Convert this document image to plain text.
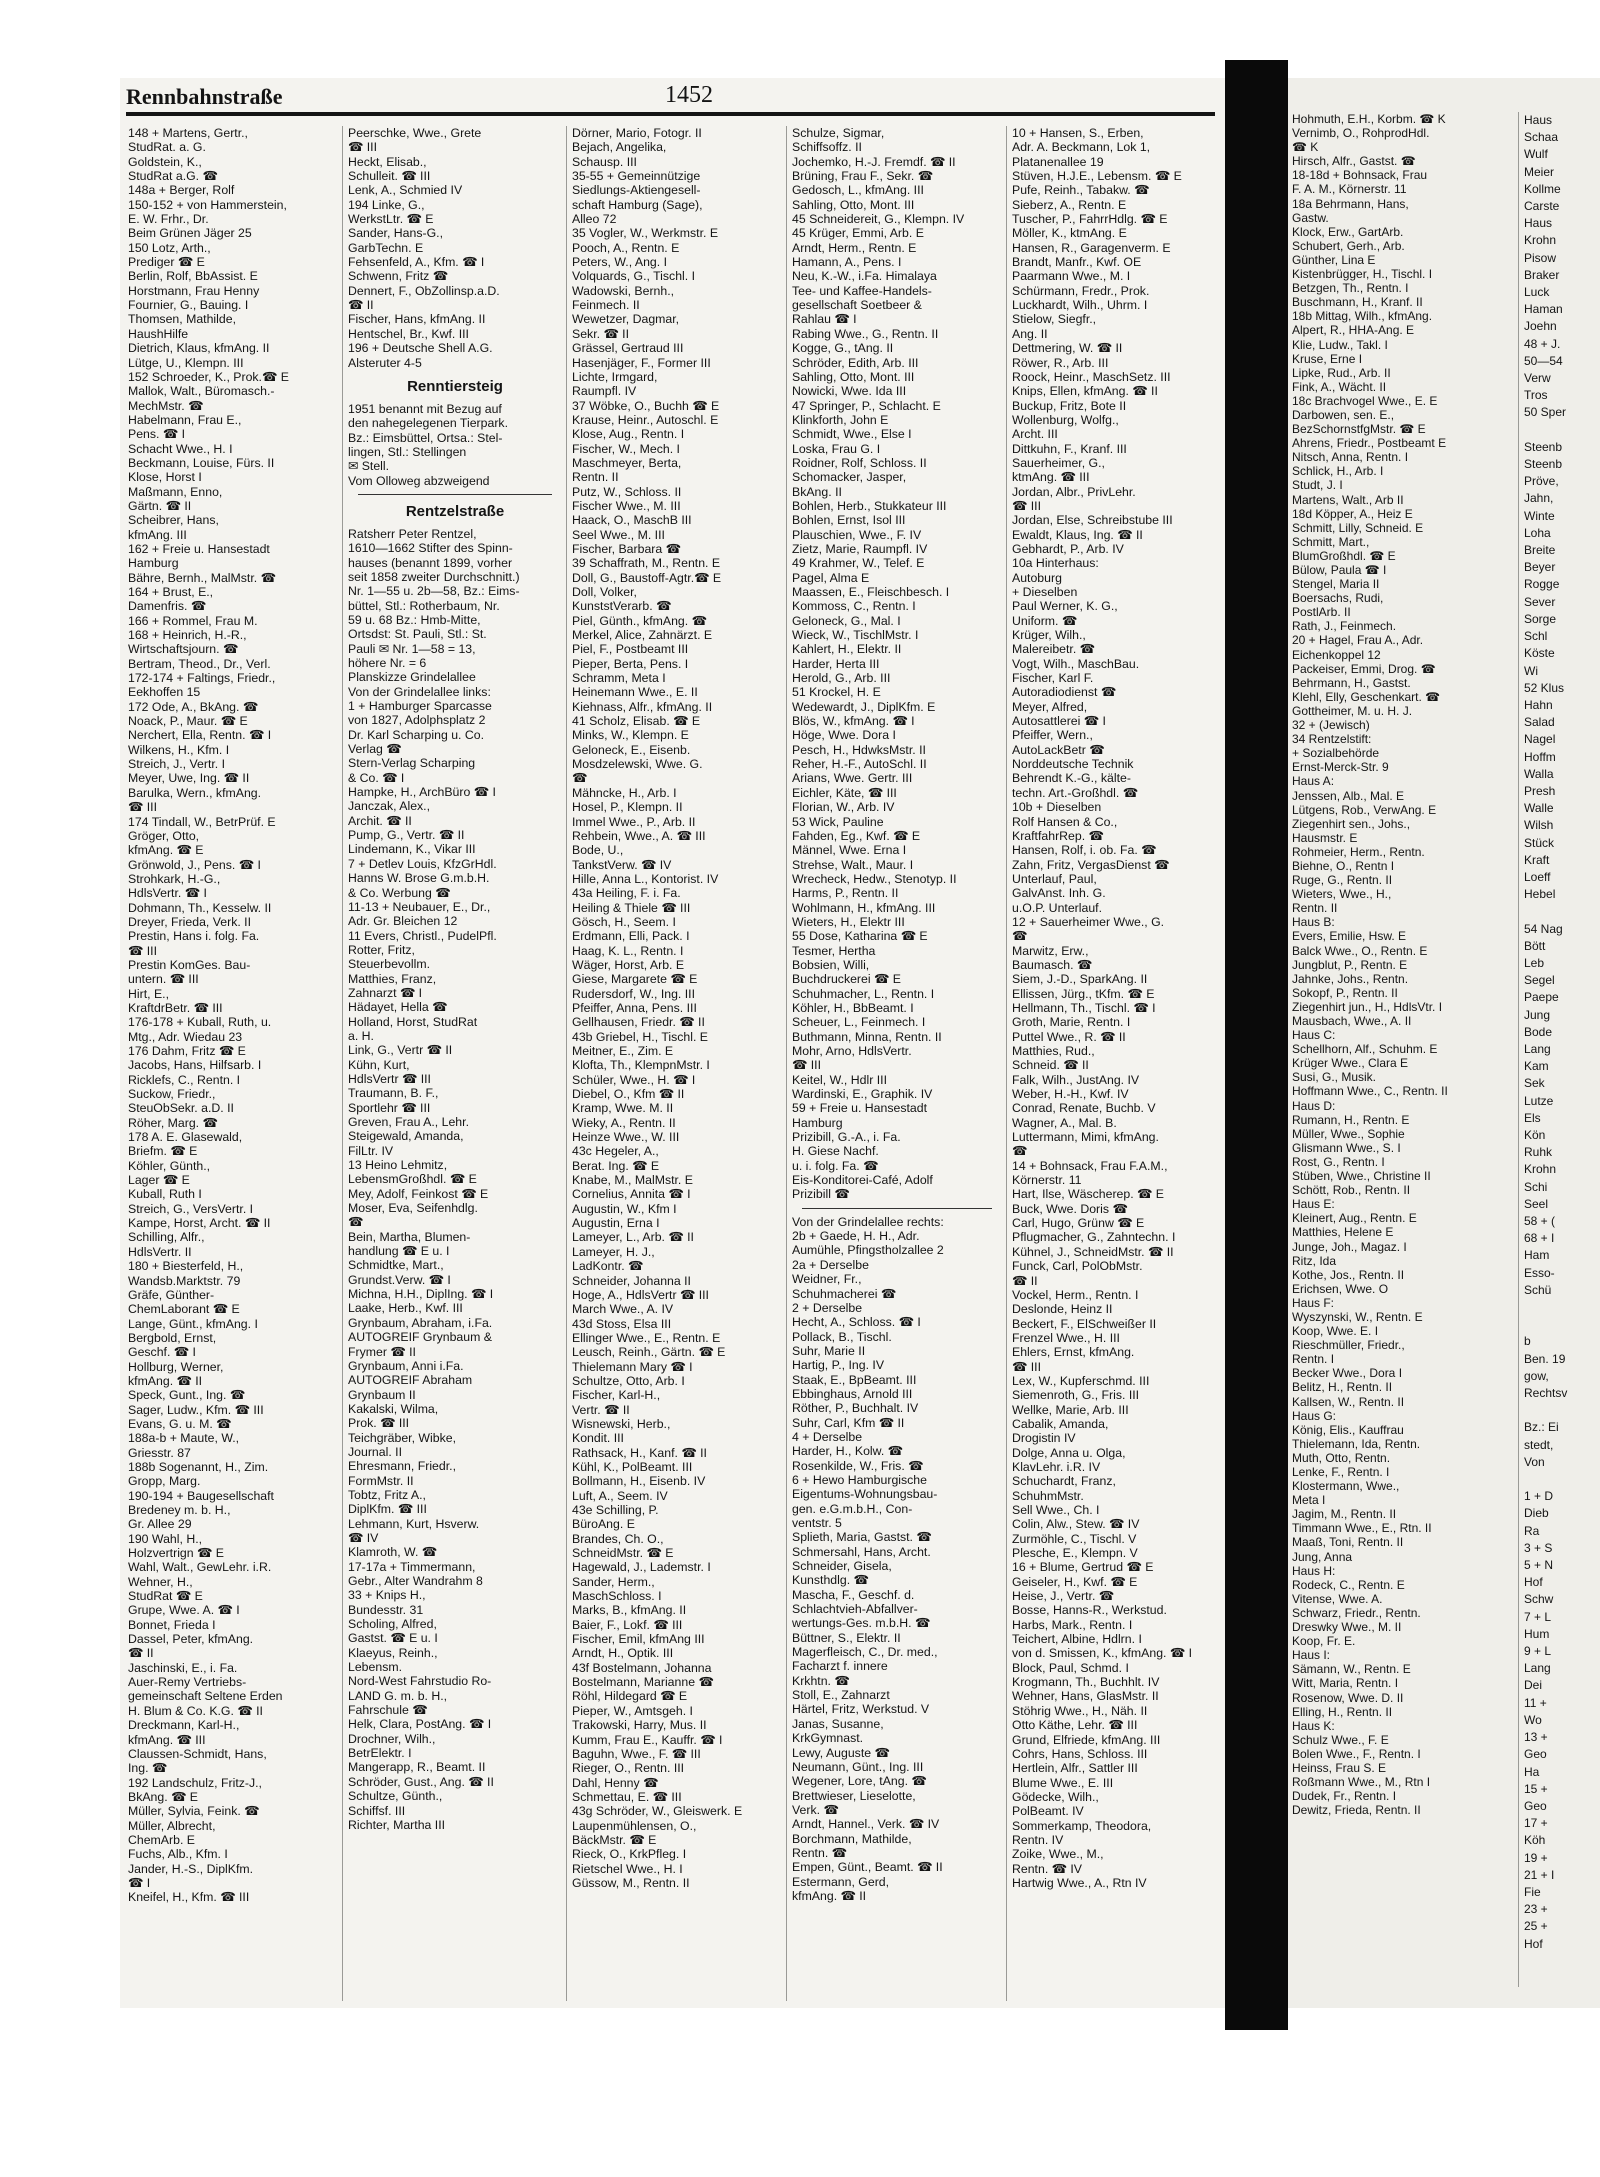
Rennbahnstraße	1452
148 + Martens, Gertr.,
StudRat. a. G.
Goldstein, K.,
StudRat a.G. ☎
148a + Berger, Rolf
150-152 + von Hammerstein,
E. W. Frhr., Dr.
Beim Grünen Jäger 25
150 Lotz, Arth.,
Prediger ☎ E
Berlin, Rolf, BbAssist. E
Horstmann, Frau Henny
Fournier, G., Bauing. I
Thomsen, Mathilde,
HaushHilfe
Dietrich, Klaus, kfmAng. II
Lütge, U., Klempn. III
152 Schroeder, K., Prok.☎ E
Mallok, Walt., Büromasch.-
MechMstr. ☎
Habelmann, Frau E.,
Pens. ☎ I
Schacht Wwe., H. I
Beckmann, Louise, Fürs. II
Klose, Horst I
Maßmann, Enno,
Gärtn. ☎ II
Scheibrer, Hans,
kfmAng. III
162 + Freie u. Hansestadt
Hamburg
Bähre, Bernh., MalMstr. ☎
164 + Brust, E.,
Damenfris. ☎
166 + Rommel, Frau M.
168 + Heinrich, H.-R.,
Wirtschaftsjourn. ☎
Bertram, Theod., Dr., Verl.
172-174 + Faltings, Friedr.,
Eekhoffen 15
172 Ode, A., BkAng. ☎
Noack, P., Maur. ☎ E
Nerchert, Ella, Rentn. ☎ I
Wilkens, H., Kfm. I
Streich, J., Vertr. I
Meyer, Uwe, Ing. ☎ II
Barulka, Wern., kfmAng.
☎ III
174 Tindall, W., BetrPrüf. E
Gröger, Otto,
kfmAng. ☎ E
Grönwold, J., Pens. ☎ I
Strohkark, H.-G.,
HdlsVertr. ☎ I
Dohmann, Th., Kesselw. II
Dreyer, Frieda, Verk. II
Prestin, Hans i. folg. Fa.
☎ III
Prestin KomGes. Bau-
untern. ☎ III
Hirt, E.,
KraftdrBetr. ☎ III
176-178 + Kuball, Ruth, u.
Mtg., Adr. Wiedau 23
176 Dahm, Fritz ☎ E
Jacobs, Hans, Hilfsarb. I
Ricklefs, C., Rentn. I
Suckow, Friedr.,
SteuObSekr. a.D. II
Röher, Marg. ☎
178 A. E. Glasewald,
Briefm. ☎ E
Köhler, Günth.,
Lager ☎ E
Kuball, Ruth I
Streich, G., VersVertr. I
Kampe, Horst, Archt. ☎ II
Schilling, Alfr.,
HdlsVertr. II
180 + Biesterfeld, H.,
Wandsb.Marktstr. 79
Gräfe, Günther-
ChemLaborant ☎ E
Lange, Günt., kfmAng. I
Bergbold, Ernst,
Geschf. ☎ I
Hollburg, Werner,
kfmAng. ☎ II
Speck, Gunt., Ing. ☎
Sager, Ludw., Kfm. ☎ III
Evans, G. u. M. ☎
188a-b + Maute, W.,
Griesstr. 87
188b Sogenannt, H., Zim.
Gropp, Marg.
190-194 + Baugesellschaft
Bredeney m. b. H.,
Gr. Allee 29
190 Wahl, H.,
Holzvertrign ☎ E
Wahl, Walt., GewLehr. i.R.
Wehner, H.,
StudRat ☎ E
Grupe, Wwe. A. ☎ I
Bonnet, Frieda I
Dassel, Peter, kfmAng.
☎ II
Jaschinski, E., i. Fa.
Auer-Remy Vertriebs-
gemeinschaft Seltene Erden
H. Blum & Co. K.G. ☎ II
Dreckmann, Karl-H.,
kfmAng. ☎ III
Claussen-Schmidt, Hans,
Ing. ☎
192 Landschulz, Fritz-J.,
BkAng. ☎ E
Müller, Sylvia, Feink. ☎
Müller, Albrecht,
ChemArb. E
Fuchs, Alb., Kfm. I
Jander, H.-S., DiplKfm.
☎ I
Kneifel, H., Kfm. ☎ III
Peerschke, Wwe., Grete
☎ III
Heckt, Elisab.,
Schulleit. ☎ III
Lenk, A., Schmied IV
194 Linke, G.,
WerkstLtr. ☎ E
Sander, Hans-G.,
GarbTechn. E
Fehsenfeld, A., Kfm. ☎ I
Schwenn, Fritz ☎
Dennert, F., ObZollinsp.a.D.
☎ II
Fischer, Hans, kfmAng. II
Hentschel, Br., Kwf. III
196 + Deutsche Shell A.G.
Alsteruter 4-5
Renntiersteig
1951 benannt mit Bezug auf
den nahegelegenen Tierpark.
Bz.: Eimsbüttel, Ortsa.: Stel-
lingen, Stl.: Stellingen
✉ Stell.
Vom Olloweg abzweigend
Rentzelstraße
Ratsherr Peter Rentzel,
1610—1662 Stifter des Spinn-
hauses (benannt 1899, vorher
seit 1858 zweiter Durchschnitt.)
Nr. 1—55 u. 2b—58, Bz.: Eims-
büttel, Stl.: Rotherbaum, Nr.
59 u. 68 Bz.: Hmb-Mitte,
Ortsdst: St. Pauli, Stl.: St.
Pauli ✉ Nr. 1—58 = 13,
höhere Nr. = 6
Planskizze Grindelallee
Von der Grindelallee links:
1 + Hamburger Sparcasse
von 1827, Adolphsplatz 2
Dr. Karl Scharping u. Co.
Verlag ☎
Stern-Verlag Scharping
& Co. ☎ I
Hampke, H., ArchBüro ☎ I
Janczak, Alex.,
Archit. ☎ II
Pump, G., Vertr. ☎ II
Lindemann, K., Vikar III
7 + Detlev Louis, KfzGrHdl.
Hanns W. Brose G.m.b.H.
& Co. Werbung ☎
11-13 + Neubauer, E., Dr.,
Adr. Gr. Bleichen 12
11 Evers, Christl., PudelPfl.
Rotter, Fritz,
Steuerbevollm.
Matthies, Franz,
Zahnarzt ☎ I
Hädayet, Hella ☎
Holland, Horst, StudRat
a. H.
Link, G., Vertr ☎ II
Kühn, Kurt,
HdlsVertr ☎ III
Traumann, B. F.,
Sportlehr ☎ III
Greven, Frau A., Lehr.
Steigewald, Amanda,
FilLtr. IV
13 Heino Lehmitz,
LebensmGroßhdl. ☎ E
Mey, Adolf, Feinkost ☎ E
Moser, Eva, Seifenhdlg.
☎
Bein, Martha, Blumen-
handlung ☎ E u. I
Schmidtke, Mart.,
Grundst.Verw. ☎ I
Michna, H.H., DiplIng. ☎ I
Laake, Herb., Kwf. III
Grynbaum, Abraham, i.Fa.
AUTOGREIF Grynbaum &
Frymer ☎ II
Grynbaum, Anni i.Fa.
AUTOGREIF Abraham
Grynbaum II
Kakalski, Wilma,
Prok. ☎ III
Teichgräber, Wibke,
Journal. II
Ehresmann, Friedr.,
FormMstr. II
Tobtz, Fritz A.,
DiplKfm. ☎ III
Lehmann, Kurt, Hsverw.
☎ IV
Klamroth, W. ☎
17-17a + Timmermann,
Gebr., Alter Wandrahm 8
33 + Knips H.,
Bundesstr. 31
Scholing, Alfred,
Gastst. ☎ E u. I
Klaeyus, Reinh.,
Lebensm.
Nord-West Fahrstudio Ro-
LAND G. m. b. H.,
Fahrschule ☎
Helk, Clara, PostAng. ☎ I
Drochner, Wilh.,
BetrElektr. I
Mangerapp, R., Beamt. II
Schröder, Gust., Ang. ☎ II
Schultze, Günth.,
Schiffsf. III
Richter, Martha III
Dörner, Mario, Fotogr. II
Bejach, Angelika,
Schausp. III
35-55 + Gemeinnützige
Siedlungs-Aktiengesell-
schaft Hamburg (Sage),
Alleo 72
35 Vogler, W., Werkmstr. E
Pooch, A., Rentn. E
Peters, W., Ang. I
Volquards, G., Tischl. I
Wadowski, Bernh.,
Feinmech. II
Wewetzer, Dagmar,
Sekr. ☎ II
Grässel, Gertraud III
Hasenjäger, F., Former III
Lichte, Irmgard,
Raumpfl. IV
37 Wöbke, O., Buchh ☎ E
Krause, Heinr., Autoschl. E
Klose, Aug., Rentn. I
Fischer, W., Mech. I
Maschmeyer, Berta,
Rentn. II
Putz, W., Schloss. II
Fischer Wwe., M. III
Haack, O., MaschB III
Seel Wwe., M. III
Fischer, Barbara ☎
39 Schaffrath, M., Rentn. E
Doll, G., Baustoff-Agtr.☎ E
Doll, Volker,
KunststVerarb. ☎
Piel, Günth., kfmAng. ☎
Merkel, Alice, Zahnärzt. E
Piel, F., Postbeamt III
Pieper, Berta, Pens. I
Schramm, Meta I
Heinemann Wwe., E. II
Kiehnass, Alfr., kfmAng. II
41 Scholz, Elisab. ☎ E
Minks, W., Klempn. E
Geloneck, E., Eisenb.
Mosdzelewski, Wwe. G.
☎
Mähncke, H., Arb. I
Hosel, P., Klempn. II
Immel Wwe., P., Arb. II
Rehbein, Wwe., A. ☎ III
Bode, U.,
TankstVerw. ☎ IV
Hille, Anna L., Kontorist. IV
43a Heiling, F. i. Fa.
Heiling & Thiele ☎ III
Gösch, H., Seem. I
Erdmann, Elli, Pack. I
Haag, K. L., Rentn. I
Wäger, Horst, Arb. E
Giese, Margarete ☎ E
Rudersdorf, W., Ing. III
Pfeiffer, Anna, Pens. III
Gellhausen, Friedr. ☎ II
43b Griebel, H., Tischl. E
Meitner, E., Zim. E
Klofta, Th., KlempnMstr. I
Schüler, Wwe., H. ☎ I
Diebel, O., Kfm ☎ II
Kramp, Wwe. M. II
Wieky, A., Rentn. II
Heinze Wwe., W. III
43c Hegeler, A.,
Berat. Ing. ☎ E
Knabe, M., MalMstr. E
Cornelius, Annita ☎ I
Augustin, W., Kfm I
Augustin, Erna I
Lameyer, L., Arb. ☎ II
Lameyer, H. J.,
LadKontr. ☎
Schneider, Johanna II
Hoge, A., HdlsVertr ☎ III
March Wwe., A. IV
43d Stoss, Elsa III
Ellinger Wwe., E., Rentn. E
Leusch, Reinh., Gärtn. ☎ E
Thielemann Mary ☎ I
Schultze, Otto, Arb. I
Fischer, Karl-H.,
Vertr. ☎ II
Wisnewski, Herb.,
Kondit. III
Rathsack, H., Kanf. ☎ II
Kühl, K., PolBeamt. III
Bollmann, H., Eisenb. IV
Luft, A., Seem. IV
43e Schilling, P.
BüroAng. E
Brandes, Ch. O.,
SchneidMstr. ☎ E
Hagewald, J., Lademstr. I
Sander, Herm.,
MaschSchloss. I
Marks, B., kfmAng. II
Baier, F., Lokf. ☎ III
Fischer, Emil, kfmAng III
Arndt, H., Optik. III
43f Bostelmann, Johanna
Bostelmann, Marianne ☎
Röhl, Hildegard ☎ E
Pieper, W., Amtsgeh. I
Trakowski, Harry, Mus. II
Kumm, Frau E., Kauffr. ☎ I
Baguhn, Wwe., F. ☎ III
Rieger, O., Rentn. III
Dahl, Henny ☎
Schmettau, E. ☎ III
43g Schröder, W., Gleiswerk. E
Laupenmühlensen, O.,
BäckMstr. ☎ E
Rieck, O., KrkPfleg. I
Rietschel Wwe., H. I
Güssow, M., Rentn. II
Schulze, Sigmar,
Schiffsoffz. II
Jochemko, H.-J. Fremdf. ☎ II
Brüning, Frau F., Sekr. ☎
Gedosch, L., kfmAng. III
Sahling, Otto, Mont. III
45 Schneidereit, G., Klempn. IV
45 Krüger, Emmi, Arb. E
Arndt, Herm., Rentn. E
Hamann, A., Pens. I
Neu, K.-W., i.Fa. Himalaya
Tee- und Kaffee-Handels-
gesellschaft Soetbeer &
Rahlau ☎ I
Rabing Wwe., G., Rentn. II
Kogge, G., tAng. II
Schröder, Edith, Arb. III
Sahling, Otto, Mont. III
Nowicki, Wwe. Ida III
47 Springer, P., Schlacht. E
Klinkforth, John E
Schmidt, Wwe., Else I
Loska, Frau G. I
Roidner, Rolf, Schloss. II
Schomacker, Jasper,
BkAng. II
Bohlen, Herb., Stukkateur III
Bohlen, Ernst, Isol III
Plauschien, Wwe., F. IV
Zietz, Marie, Raumpfl. IV
49 Krahmer, W., Telef. E
Pagel, Alma E
Maassen, E., Fleischbesch. I
Kommoss, C., Rentn. I
Geloneck, G., Mal. I
Wieck, W., TischlMstr. I
Kahlert, H., Elektr. II
Harder, Herta III
Herold, G., Arb. III
51 Krockel, H. E
Wedewardt, J., DiplKfm. E
Blös, W., kfmAng. ☎ I
Höge, Wwe. Dora I
Pesch, H., HdwksMstr. II
Reher, H.-F., AutoSchl. II
Arians, Wwe. Gertr. III
Eichler, Käte, ☎ III
Florian, W., Arb. IV
53 Wick, Pauline
Fahden, Eg., Kwf. ☎ E
Männel, Wwe. Erna I
Strehse, Walt., Maur. I
Wrecheck, Hedw., Stenotyp. II
Harms, P., Rentn. II
Wohlmann, H., kfmAng. III
Wieters, H., Elektr III
55 Dose, Katharina ☎ E
Tesmer, Hertha
Bobsien, Willi,
Buchdruckerei ☎ E
Schuhmacher, L., Rentn. I
Köhler, H., BbBeamt. I
Scheuer, L., Feinmech. I
Buthmann, Minna, Rentn. II
Mohr, Arno, HdlsVertr.
☎ III
Keitel, W., Hdlr III
Wardinski, E., Graphik. IV
59 + Freie u. Hansestadt
Hamburg
Prizibill, G.-A., i. Fa.
H. Giese Nachf.
u. i. folg. Fa. ☎
Eis-Konditorei-Café, Adolf
Prizibill ☎
Von der Grindelallee rechts:
2b + Gaede, H. H., Adr.
Aumühle, Pfingstholzallee 2
2a + Derselbe
Weidner, Fr.,
Schuhmacherei ☎
2 + Derselbe
Hecht, A., Schloss. ☎ I
Pollack, B., Tischl.
Suhr, Marie II
Hartig, P., Ing. IV
Staak, E., BpBeamt. III
Ebbinghaus, Arnold III
Röther, P., Buchhalt. IV
Suhr, Carl, Kfm ☎ II
4 + Derselbe
Harder, H., Kolw. ☎
Rosenkilde, W., Fris. ☎
6 + Hewo Hamburgische
Eigentums-Wohnungsbau-
gen. e.G.m.b.H., Con-
ventstr. 5
Splieth, Maria, Gastst. ☎
Schmersahl, Hans, Archt.
Schneider, Gisela,
Kunsthdlg. ☎
Mascha, F., Geschf. d.
Schlachtvieh-Abfallver-
wertungs-Ges. m.b.H. ☎
Büttner, S., Elektr. II
Magerfleisch, C., Dr. med.,
Facharzt f. innere
Krkhtn. ☎
Stoll, E., Zahnarzt
Härtel, Fritz, Werkstud. V
Janas, Susanne,
KrkGymnast.
Lewy, Auguste ☎
Neumann, Günt., Ing. III
Wegener, Lore, tAng. ☎
Brettwieser, Lieselotte,
Verk. ☎
Arndt, Hannel., Verk. ☎ IV
Borchmann, Mathilde,
Rentn. ☎
Empen, Günt., Beamt. ☎ II
Estermann, Gerd,
kfmAng. ☎ II
10 + Hansen, S., Erben,
Adr. A. Beckmann, Lok 1,
Platanenallee 19
Stüven, H.J.E., Lebensm. ☎ E
Pufe, Reinh., Tabakw. ☎
Sieberz, A., Rentn. E
Tuscher, P., FahrrHdlg. ☎ E
Möller, K., ktmAng. E
Hansen, R., Garagenverm. E
Brandt, Manfr., Kwf. OE
Paarmann Wwe., M. I
Schürmann, Fredr., Prok.
Luckhardt, Wilh., Uhrm. I
Stielow, Siegfr.,
Ang. II
Dettmering, W. ☎ II
Röwer, R., Arb. III
Roock, Heinr., MaschSetz. III
Knips, Ellen, kfmAng. ☎ II
Buckup, Fritz, Bote II
Wollenburg, Wolfg.,
Archt. III
Dittkuhn, F., Kranf. III
Sauerheimer, G.,
ktmAng. ☎ III
Jordan, Albr., PrivLehr.
☎ III
Jordan, Else, Schreibstube III
Ewaldt, Klaus, Ing. ☎ II
Gebhardt, P., Arb. IV
10a Hinterhaus:
Autoburg
+ Dieselben
Paul Werner, K. G.,
Uniform. ☎
Krüger, Wilh.,
Malereibetr. ☎
Vogt, Wilh., MaschBau.
Fischer, Karl F.
Autoradiodienst ☎
Meyer, Alfred,
Autosattlerei ☎ I
Pfeiffer, Wern.,
AutoLackBetr ☎
Norddeutsche Technik
Behrendt K.-G., kälte-
techn. Art.-Großhdl. ☎
10b + Dieselben
Rolf Hansen & Co.,
KraftfahrRep. ☎
Hansen, Rolf, i. ob. Fa. ☎
Zahn, Fritz, VergasDienst ☎
Unterlauf, Paul,
GalvAnst. Inh. G.
u.O.P. Unterlauf.
12 + Sauerheimer Wwe., G.
☎
Marwitz, Erw.,
Baumasch. ☎
Siem, J.-D., SparkAng. II
Ellissen, Jürg., tKfm. ☎ E
Hellmann, Th., Tischl. ☎ I
Groth, Marie, Rentn. I
Puttel Wwe., R. ☎ II
Matthies, Rud.,
Schneid. ☎ II
Falk, Wilh., JustAng. IV
Weber, H.-H., Kwf. IV
Conrad, Renate, Buchb. V
Wagner, A., Mal. B.
Luttermann, Mimi, kfmAng.
☎
14 + Bohnsack, Frau F.A.M.,
Körnerstr. 11
Hart, Ilse, Wäscherep. ☎ E
Buck, Wwe. Doris ☎
Carl, Hugo, Grünw ☎ E
Pflugmacher, G., Zahntechn. I
Kühnel, J., SchneidMstr. ☎ II
Funck, Carl, PolObMstr.
☎ II
Vockel, Herm., Rentn. I
Deslonde, Heinz II
Beckert, F., ElSchweißer II
Frenzel Wwe., H. III
Ehlers, Ernst, kfmAng.
☎ III
Lex, W., Kupferschmd. III
Siemenroth, G., Fris. III
Wellke, Marie, Arb. III
Cabalik, Amanda,
Drogistin IV
Dolge, Anna u. Olga,
KlavLehr. i.R. IV
Schuchardt, Franz,
SchuhmMstr.
Sell Wwe., Ch. I
Colin, Alw., Stew. ☎ IV
Zurmöhle, C., Tischl. V
Plesche, E., Klempn. V
16 + Blume, Gertrud ☎ E
Geiseler, H., Kwf. ☎ E
Heise, J., Vertr. ☎
Bosse, Hanns-R., Werkstud.
Harbs, Mark., Rentn. I
Teichert, Albine, Hdlrn. I
von d. Smissen, K., kfmAng. ☎ I
Block, Paul, Schmd. I
Krogmann, Th., Buchhlt. IV
Wehner, Hans, GlasMstr. II
Stöhrig Wwe., H., Näh. II
Otto Käthe, Lehr. ☎ III
Grund, Elfriede, kfmAng. III
Cohrs, Hans, Schloss. III
Hertlein, Alfr., Sattler III
Blume Wwe., E. III
Gödecke, Wilh.,
PolBeamt. IV
Sommerkamp, Theodora,
Rentn. IV
Zoike, Wwe., M.,
Rentn. ☎ IV
Hartwig Wwe., A., Rtn IV
Hohmuth, E.H., Korbm. ☎ K
Vernimb, O., RohprodHdl.
☎ K
Hirsch, Alfr., Gastst. ☎
18-18d + Bohnsack, Frau
F. A. M., Körnerstr. 11
18a Behrmann, Hans,
Gastw.
Klock, Erw., GartArb.
Schubert, Gerh., Arb.
Günther, Lina E
Kistenbrügger, H., Tischl. I
Betzgen, Th., Rentn. I
Buschmann, H., Kranf. II
18b Mittag, Wilh., kfmAng.
Alpert, R., HHA-Ang. E
Klie, Ludw., Takl. I
Kruse, Erne I
Lipke, Rud., Arb. II
Fink, A., Wächt. II
18c Brachvogel Wwe., E. E
Darbowen, sen. E.,
BezSchornstfgMstr. ☎ E
Ahrens, Friedr., Postbeamt E
Nitsch, Anna, Rentn. I
Schlick, H., Arb. I
Studt, J. I
Martens, Walt., Arb II
18d Köpper, A., Heiz E
Schmitt, Lilly, Schneid. E
Schmitt, Mart.,
BlumGroßhdl. ☎ E
Bülow, Paula ☎ I
Stengel, Maria II
Boersachs, Rudi,
PostlArb. II
Rath, J., Feinmech.
20 + Hagel, Frau A., Adr.
Eichenkoppel 12
Packeiser, Emmi, Drog. ☎
Behrmann, H., Gastst.
Klehl, Elly, Geschenkart. ☎
Gottheimer, M. u. H. J.
32 + (Jewisch)
34 Rentzelstift:
+ Sozialbehörde
Ernst-Merck-Str. 9
Haus A:
Jenssen, Alb., Mal. E
Lütgens, Rob., VerwAng. E
Ziegenhirt sen., Johs.,
Hausmstr. E
Rohmeier, Herm., Rentn.
Biehne, O., Rentn I
Ruge, G., Rentn. II
Wieters, Wwe., H.,
Rentn. II
Haus B:
Evers, Emilie, Hsw. E
Balck Wwe., O., Rentn. E
Jungblut, P., Rentn. E
Jahnke, Johs., Rentn.
Sokopf, P., Rentn. II
Ziegenhirt jun., H., HdlsVtr. I
Mausbach, Wwe., A. II
Haus C:
Schellhorn, Alf., Schuhm. E
Krüger Wwe., Clara E
Susi, G., Musik.
Hoffmann Wwe., C., Rentn. II
Haus D:
Rumann, H., Rentn. E
Müller, Wwe., Sophie
Glismann Wwe., S. I
Rost, G., Rentn. I
Stüben, Wwe., Christine II
Schött, Rob., Rentn. II
Haus E:
Kleinert, Aug., Rentn. E
Matthies, Helene E
Junge, Joh., Magaz. I
Ritz, Ida
Kothe, Jos., Rentn. II
Erichsen, Wwe. O
Haus F:
Wyszynski, W., Rentn. E
Koop, Wwe. E. I
Rieschmüller, Friedr.,
Rentn. I
Becker Wwe., Dora I
Belitz, H., Rentn. II
Kallsen, W., Rentn. II
Haus G:
König, Elis., Kauffrau
Thielemann, Ida, Rentn.
Muth, Otto, Rentn.
Lenke, F., Rentn. I
Klostermann, Wwe.,
Meta I
Jagim, M., Rentn. II
Timmann Wwe., E., Rtn. II
Maaß, Toni, Rentn. II
Jung, Anna
Haus H:
Rodeck, C., Rentn. E
Vitense, Wwe. A.
Schwarz, Friedr., Rentn.
Dreswky Wwe., M. II
Koop, Fr. E.
Haus I:
Sämann, W., Rentn. E
Witt, Maria, Rentn. I
Rosenow, Wwe. D. II
Elling, H., Rentn. II
Haus K:
Schulz Wwe., F. E
Bolen Wwe., F., Rentn. I
Heinss, Frau S. E
Roßmann Wwe., M., Rtn I
Dudek, Fr., Rentn. I
Dewitz, Frieda, Rentn. II
Haus
Schaa
Wulf
Meier
Kollme
Carste
Haus
Krohn
Pisow
Braker
Luck
Haman
Joehn
48 + J.
50—54
Verw
Tros
50 Sper

Steenb
Steenb
Pröve,
Jahn,
Winte
Loha
Breite
Beyer
Rogge
Sever
Sorge
Schl
Köste
Wi
52 Klus
Hahn
Salad
Nagel
Hoffm
Walla
Presh
Walle
Wilsh
Stück
Kraft
Loeff
Hebel

54 Nag
Bött
Leb
Segel
Paepe
Jung
Bode
Lang
Kam
Sek
Lutze
Els
Kön
Ruhk
Krohn
Schi
Seel
58 + (
68 + I
Ham
Esso-
Schü

b
Ben. 19
gow,
Rechtsv

Bz.: Ei
stedt,
Von

1 + D
Dieb
Ra
3 + S
5 + N
Hof
Schw
7 + L
Hum
9 + L
Lang
Dei
11 +
Wo
13 +
Geo
Ha
15 +
Geo
17 +
Köh
19 +
21 + I
Fie
23 +
25 +
Hof
